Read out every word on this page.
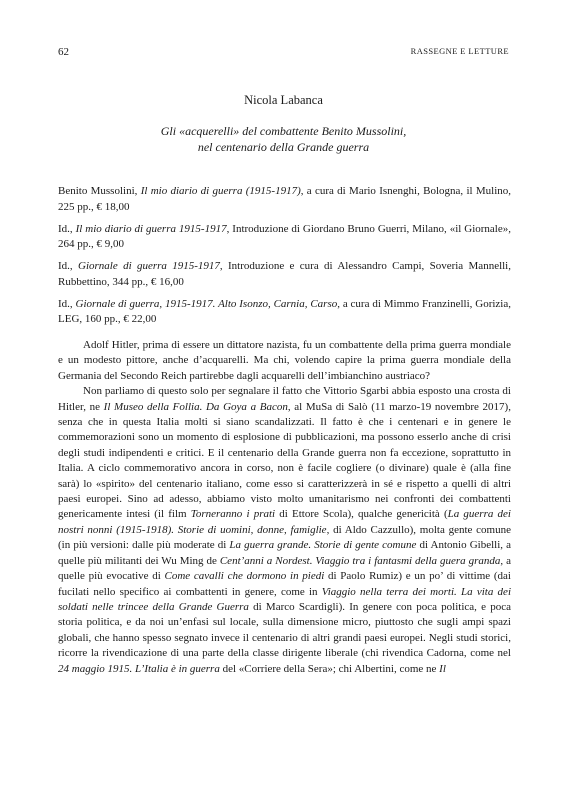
62	RASSEGNE E LETTURE
Nicola Labanca
Gli «acquerelli» del combattente Benito Mussolini,
nel centenario della Grande guerra

Benito Mussolini, Il mio diario di guerra (1915-1917), a cura di Mario Isnenghi, Bologna, il Mulino, 225 pp., € 18,00

Id., Il mio diario di guerra 1915-1917, Introduzione di Giordano Bruno Guerri, Milano, «il Giornale», 264 pp., € 9,00

Id., Giornale di guerra 1915-1917, Introduzione e cura di Alessandro Campi, Soveria Mannelli, Rubbettino, 344 pp., € 16,00

Id., Giornale di guerra, 1915-1917. Alto Isonzo, Carnia, Carso, a cura di Mimmo Franzinelli, Gorizia, LEG, 160 pp., € 22,00

Adolf Hitler, prima di essere un dittatore nazista, fu un combattente della prima guerra mondiale e un modesto pittore, anche d’acquarelli. Ma chi, volendo capire la prima guerra mondiale della Germania del Secondo Reich partirebbe dagli acquarelli dell’imbianchino austriaco?

Non parliamo di questo solo per segnalare il fatto che Vittorio Sgarbi abbia esposto una crosta di Hitler, ne Il Museo della Follia. Da Goya a Bacon, al MuSa di Salò (11 marzo-19 novembre 2017), senza che in questa Italia molti si siano scandalizzati. Il fatto è che i centenari e in genere le commemorazioni sono un momento di esplosione di pubblicazioni, ma possono esserlo anche di crisi degli studi indipendenti e critici. E il centenario della Grande guerra non fa eccezione, soprattutto in Italia. A ciclo commemorativo ancora in corso, non è facile cogliere (o divinare) quale è (alla fine sarà) lo «spirito» del centenario italiano, come esso si caratterizzerà in sé e rispetto a quelli di altri paesi europei. Sino ad adesso, abbiamo visto molto umanitarismo nei confronti dei combattenti genericamente intesi (il film Torneranno i prati di Ettore Scola), qualche genericità (La guerra dei nostri nonni (1915-1918). Storie di uomini, donne, famiglie, di Aldo Cazzullo), molta gente comune (in più versioni: dalle più moderate di La guerra grande. Storie di gente comune di Antonio Gibelli, a quelle più militanti dei Wu Ming de Cent’anni a Nordest. Viaggio tra i fantasmi della guera granda, a quelle più evocative di Come cavalli che dormono in piedi di Paolo Rumiz) e un po’ di vittime (dai fucilati nello specifico ai combattenti in genere, come in Viaggio nella terra dei morti. La vita dei soldati nelle trincee della Grande Guerra di Marco Scardigli). In genere con poca politica, e poca storia politica, e da noi un’enfasi sul locale, sulla dimensione micro, piuttosto che sugli ampi spazi globali, che hanno spesso segnato invece il centenario di altri grandi paesi europei. Negli studi storici, ricorre la rivendicazione di una parte della classe dirigente liberale (chi rivendica Cadorna, come nel 24 maggio 1915. L’Italia è in guerra del «Corriere della Sera»; chi Albertini, come ne Il
